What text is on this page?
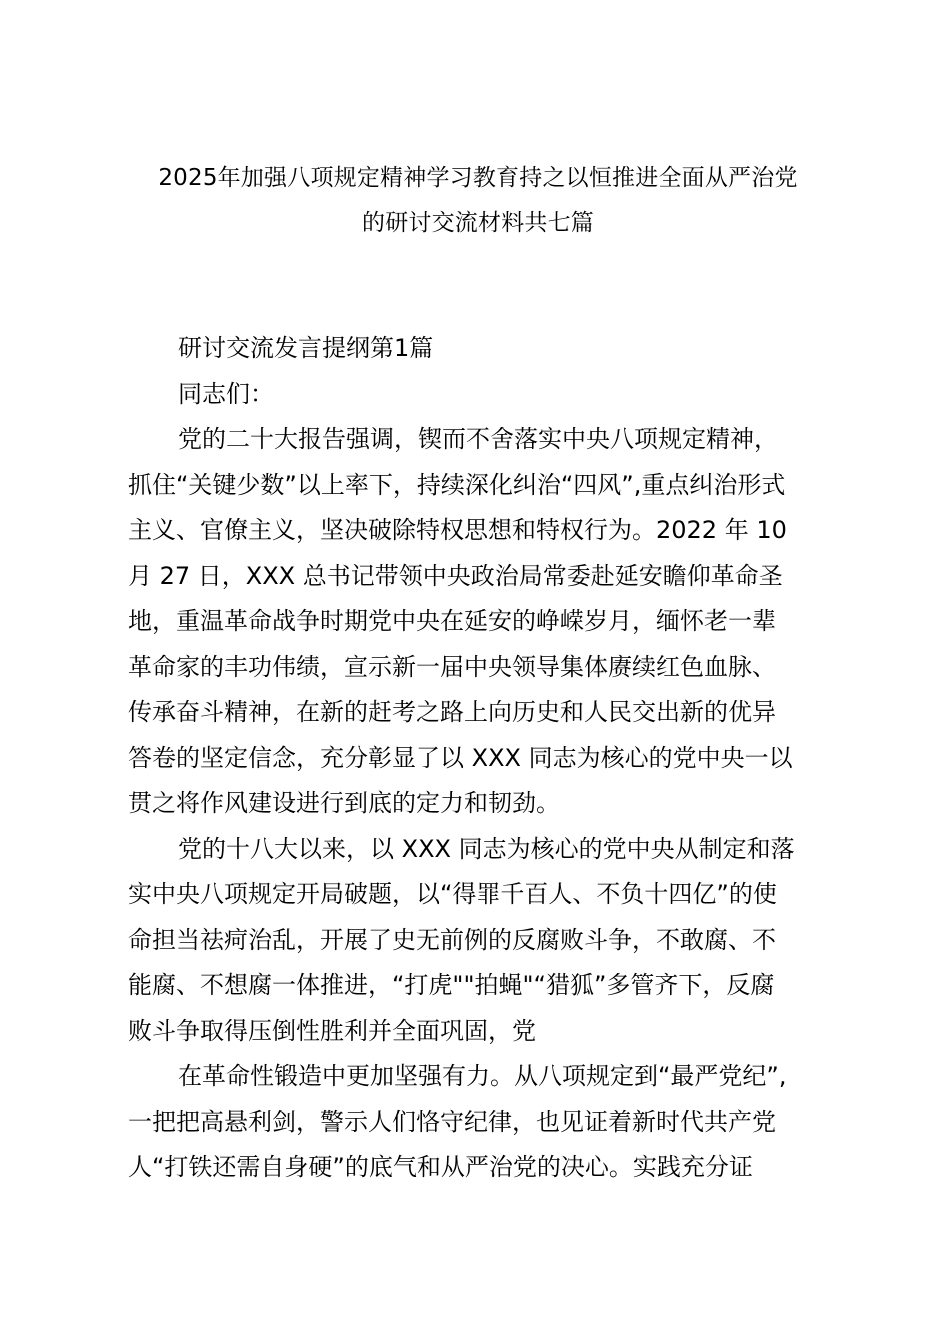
2025年加强八项规定精神学习教育持之以恒推进全面从严治党
的研讨交流材料共七篇

研讨交流发言提纲第1篇

同志们：

党的二十大报告强调，锲而不舍落实中央八项规定精神，
抓住“关键少数”以上率下，持续深化纠治“四风”,重点纠治形式
主义、官僚主义，坚决破除特权思想和特权行为。2022 年 10
月 27 日，XXX 总书记带领中央政治局常委赴延安瞻仰革命圣
地，重温革命战争时期党中央在延安的峥嵘岁月，缅怀老一辈
革命家的丰功伟绩，宣示新一届中央领导集体赓续红色血脉、
传承奋斗精神，在新的赶考之路上向历史和人民交出新的优异
答卷的坚定信念，充分彰显了以 XXX 同志为核心的党中央一以
贯之将作风建设进行到底的定力和韧劲。

党的十八大以来，以 XXX 同志为核心的党中央从制定和落
实中央八项规定开局破题，以“得罪千百人、不负十四亿”的使
命担当祛疴治乱，开展了史无前例的反腐败斗争，不敢腐、不
能腐、不想腐一体推进，“打虎""拍蝇"“猎狐”多管齐下，反腐
败斗争取得压倒性胜利并全面巩固，党

在革命性锻造中更加坚强有力。从八项规定到“最严党纪”,
一把把高悬利剑，警示人们恪守纪律，也见证着新时代共产党
人“打铁还需自身硬”的底气和从严治党的决心。实践充分证
